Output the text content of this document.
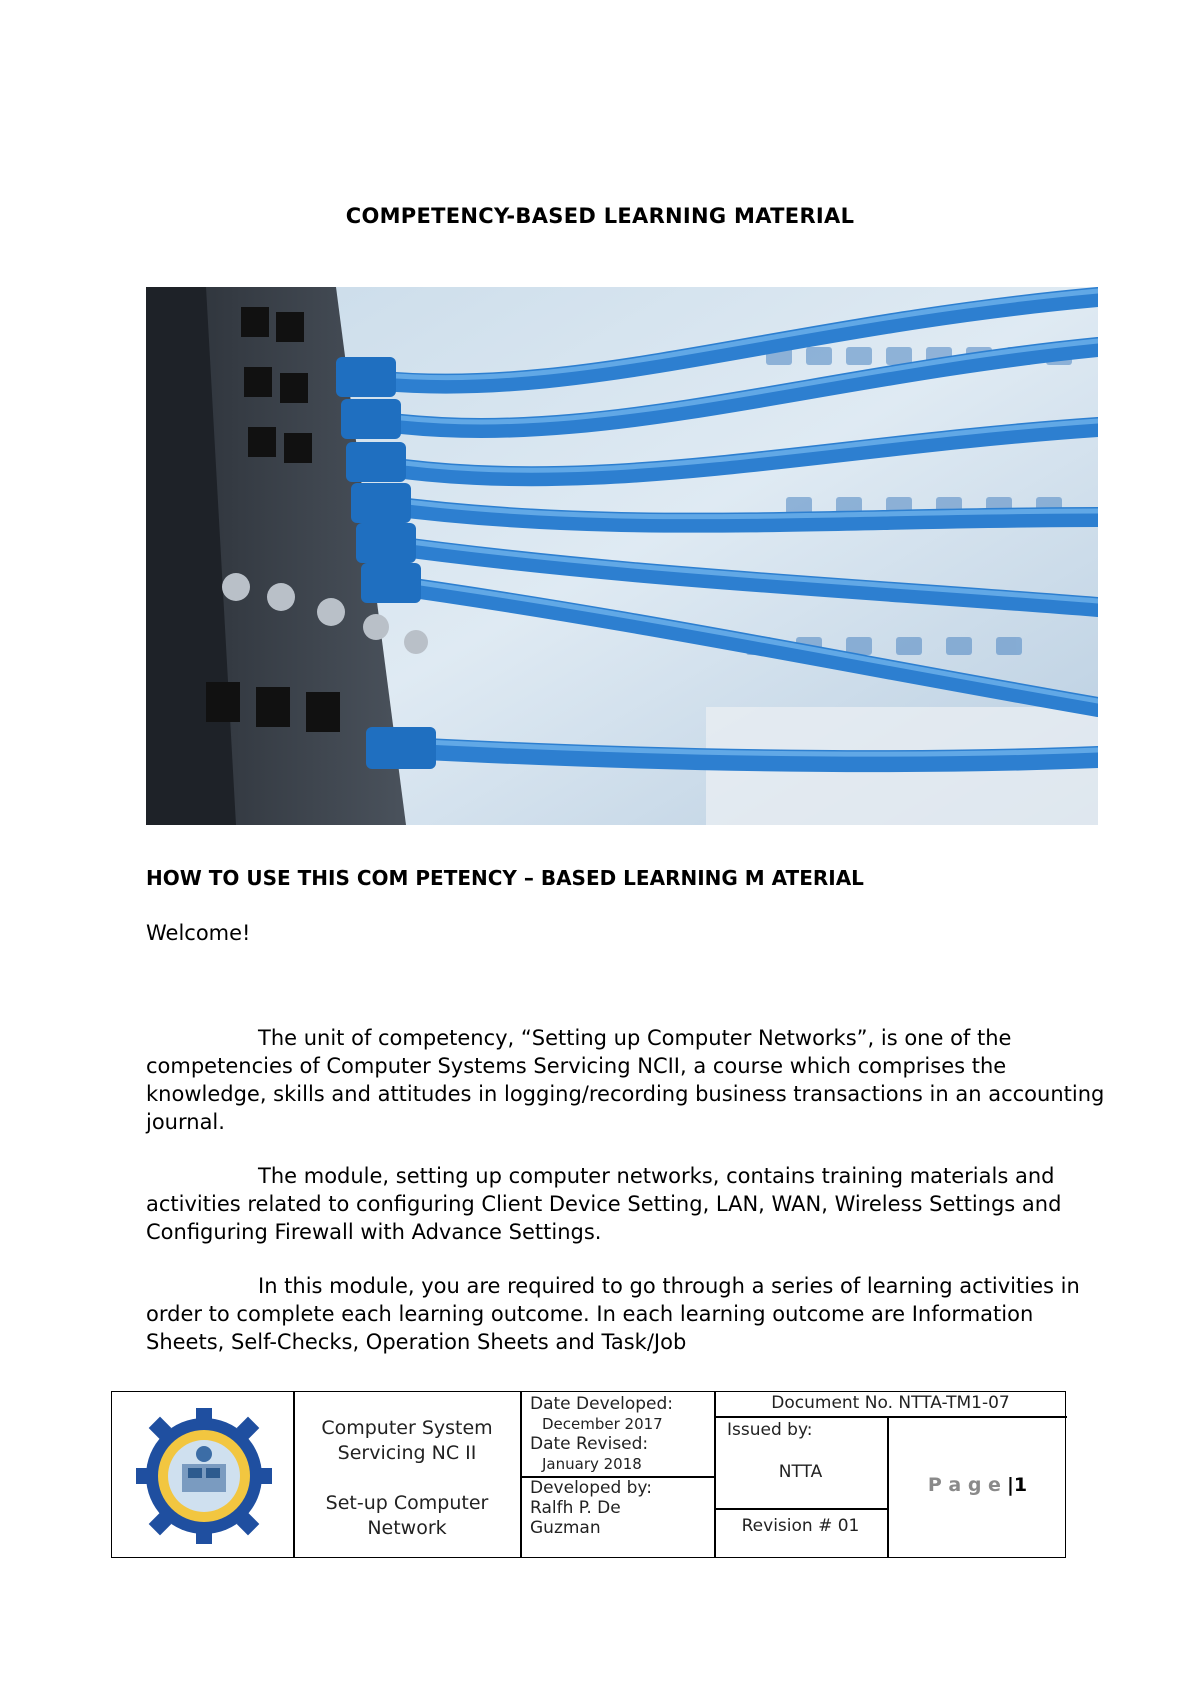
COMPETENCY-BASED LEARNING MATERIAL
HOW TO USE THIS COM PETENCY – BASED LEARNING M ATERIAL
Welcome!

The unit of competency, “Setting up Computer Networks”, is one of the competencies of Computer Systems Servicing NCII, a course which comprises the knowledge, skills and attitudes in logging/recording business transactions in an accounting journal.

The module, setting up computer networks, contains training materials and activities related to configuring Client Device Setting, LAN, WAN, Wireless Settings and Configuring Firewall with Advance Settings.

In this module, you are required to go through a series of learning activities in order to complete each learning outcome. In each learning outcome are Information Sheets, Self-Checks, Operation Sheets and Task/Job

Computer System
Servicing NC II
Set-up Computer
Network
Date Developed:
December 2017
Date Revised:
January 2018
Developed by:
Ralfh P. De
Guzman
Document No. NTTA-TM1-07
Issued by:
NTTA
Revision # 01
P a g e |1
